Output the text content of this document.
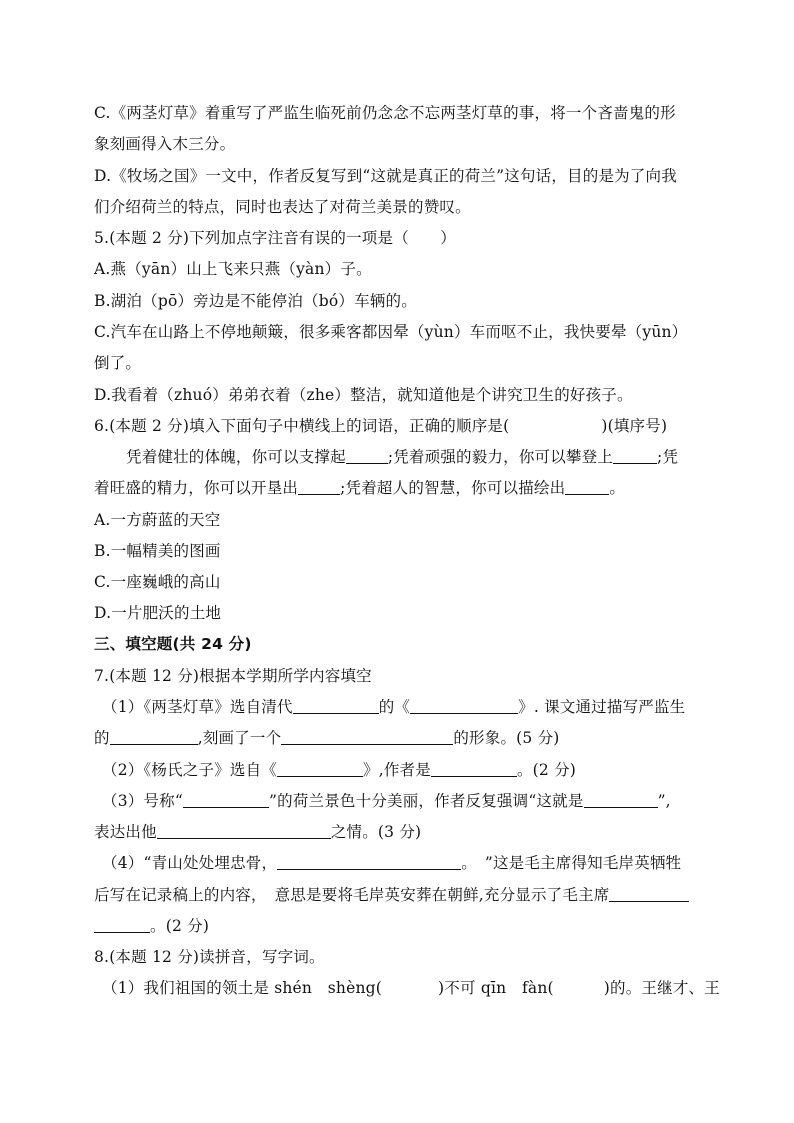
C.《两茎灯草》着重写了严监生临死前仍念念不忘两茎灯草的事，将一个吝啬鬼的形
象刻画得入木三分。
D.《牧场之国》一文中，作者反复写到“这就是真正的荷兰”这句话，目的是为了向我
们介绍荷兰的特点，同时也表达了对荷兰美景的赞叹。
5.(本题 2 分)下列加点字注音有误的一项是（　　）
A.燕（yān）山上飞来只燕（yàn）子。
B.湖泊（pō）旁边是不能停泊（bó）车辆的。
C.汽车在山路上不停地颠簸，很多乘客都因晕（yùn）车而呕不止，我快要晕（yūn）
倒了。
D.我看着（zhuó）弟弟衣着（zhe）整洁，就知道他是个讲究卫生的好孩子。
6.(本题 2 分)填入下面句子中横线上的词语，正确的顺序是(	)(填序号)
凭着健壮的体魄，你可以支撑起	;凭着顽强的毅力，你可以攀登上	;凭
着旺盛的精力，你可以开垦出	;凭着超人的智慧，你可以描绘出	。
A.一方蔚蓝的天空
B.一幅精美的图画
C.一座巍峨的高山
D.一片肥沃的土地
三、填空题(共 24 分)
7.(本题 12 分)根据本学期所学内容填空
（1）《两茎灯草》选自清代	的《	》. 课文通过描写严监生
的	,刻画了一个	的形象。(5 分)
（2）《杨氏之子》选自《	》,作者是	。(2 分)
（3）号称“	”的荷兰景色十分美丽，作者反复强调“这就是	”,
表达出他	之情。(3 分)
（4）“青山处处埋忠骨，	。　”这是毛主席得知毛岸英牺牲
后写在记录稿上的内容，　意思是要将毛岸英安葬在朝鲜,充分显示了毛主席
。(2 分)
8.(本题 12 分)读拼音，写字词。
（1）我们祖国的领土是 shén　shèng(	)不可 qīn　fàn(	)的。王继才、王
